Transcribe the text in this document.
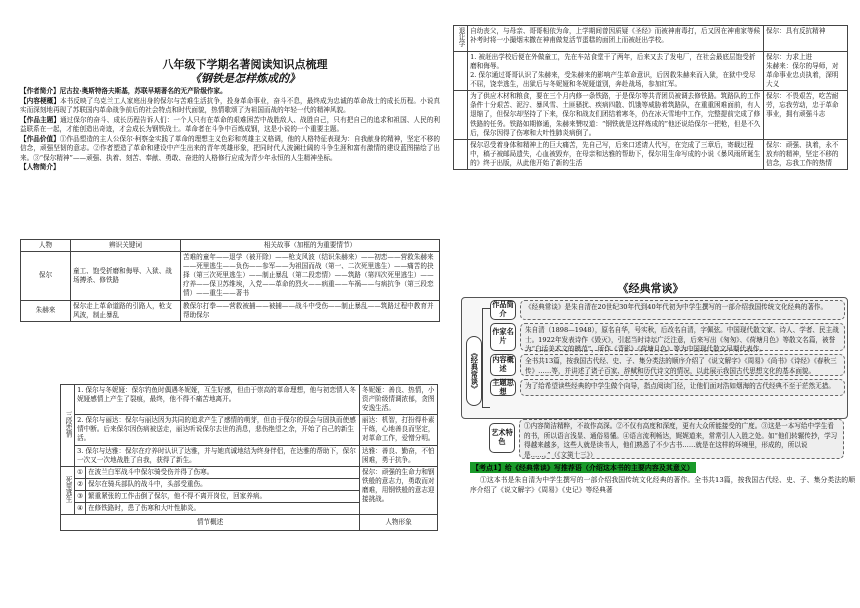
八年级下学期名著阅读知识点梳理
《钢铁是怎样炼成的》

【作者简介】尼古拉·奥斯特洛夫斯基，苏联早期著名的无产阶级作家。

【内容梗概】本书反映了乌克兰工人家庭出身的保尔与苦难生活抗争，投身革命事业，奋斗不息，最终成为忠诚的革命战士的成长历程。小说真实而深刻地再现了苏联国内革命战争前后的社会特点和时代面貌，热情歌颂了为祖国而战的年轻一代的精神风貌。

【作品主题】通过保尔的奋斗、成长历程告诉人们：一个人只有在革命的艰难困苦中战胜敌人、战胜自己，只有把自己的追求和祖国、人民的利益联系在一起，才能创造出奇迹，才会成长为钢铁战士。革命者在斗争中百炼成钢，这是小说的一个重要主题。

【作品价值】①作品塑造的主人公保尔·柯察金实践了革命的理想主义色彩和英雄主义格调，他的人格特征表现为：自我献身的精神，坚定不移的信念，顽强坚韧的意志。②作者塑造了革命和建设中产生出来的青年英雄形象，把同时代人波澜壮阔的斗争生涯和富有激情的建设蓝图描绘了出来。③“保尔精神”——顽强、执着、刻苦、奉献、勇敢、奋进的人格修行应成为青少年永恒的人生精神坐标。

【人物简介】

人物	辨识关键词	相关故事（加框的为重要情节）
保尔	童工、饱受折磨和侮辱、入狱、战场搏杀、修铁路	苦难的童年——退学（被开除）——枪支风波（结识朱赫来）——初恋——营救朱赫来——死里逃生——负伤——参军——为祖国而战（第一、二次死里逃生）——痛苦的抉择（第三次死里逃生）——制止暴乱（第二段恋情）——筑路（第四次死里逃生）——疗养——保卫苏维埃，入党——革命的烈火——病重——车祸——与病抗争（第三段恋情）——重生——著书
朱赫来	保尔走上革命道路的引路人，枪支风波，制止暴乱	教保尔打拳——营救被捕——被捕——战斗中受伤——制止暴乱——筑路过程中教育并帮助保尔
三段恋情	1. 保尔与冬妮娅：保尔钓鱼时偶遇冬妮娅，互生好感，但由于崇高的革命理想，他与初恋情人冬妮娅感情上产生了裂痕，最终，他不得不痛苦地离开。		冬妮娅：善良、热情，小资产阶级情调浓郁，贪图安逸生活。
	2. 保尔与丽达：保尔与丽达因为共同的追求产生了感情的萌芽，但由于保尔的误会与固执而使感情中断。后来保尔因伤病被送走，丽达听说保尔去世的消息，悲伤绝望之余，开始了自己的新生活。		丽达：机智，打扮得朴素干练，心地善良而坚定，对革命工作，爱憎分明。
	3. 保尔与达雅：保尔在疗养时认识了达雅，并与她真诚地结为终身伴侣，在达雅的帮助下，保尔一次又一次地战胜了自我，获得了新生。		达雅：善良、勤奋，不怕困难，勇于抗争。
死里逃生	①	在波兰白军战斗中保尔骑受伤并得了伤寒。	保尔：顽强的生命力和钢铁般的意志力，勇敢而对磨难，用钢铁般的意志迎接挑战。
	②	保尔在骑兵部队的战斗中，头部受重伤。	
	③	繁重紧张的工作击倒了保尔，他不得不离开岗位，回家养病。	
	④	在修铁路时，患了伤寒和大叶性肺炎。	
情节概述			人物形象
退让学	自幼丧父，与母亲、哥哥相依为命，上学期间曾因质疑《圣经》而被神甫毒打，后又因在神甫家等候补考时将一小撮烟末撒在神甫做复活节蛋糕的面团上而被赶出学校。	保尔：具有反抗精神
	1. 被赶出学校后便在外做童工，先在车站食堂干了两年，后来又去了发电厂，在社会最底层饱受折磨和侮辱。
2. 保尔通过哥哥认识了朱赫来，受朱赫来的影响产生革命意识，后因救朱赫来而入狱，在狱中受尽不屈，饶幸逃生，出狱后与冬妮娅和冬妮娅道别，奔赴战场，参加红军。	保尔：力求上进
朱赫来：保尔的导师，对革命事业忠贞执着，深明大义
	为了供应木材和粮食，要在三个月内修一条铁路，于是保尔等共青团员被调去修铁路。筑路队的工作条件十分艰苦、泥泞、暴风雪、土匪骚扰、疾病四散、饥饿等威胁着筑路队，在重重困难面前，有人退缩了，但保尔却坚持了下来，保尔和战友们团结着寒冬，仍在冰天雪地中工作，完整提前完成了修铁路的任务。铁路如期修通，朱赫来赞叹道：“钢铁就是这样炼成的”他还说给保尔一把枪，但是不久后，保尔因得了伤寒和大叶性肺炎病倒了。	保尔：不畏艰苦，吃苦耐劳，忘我劳动，忠于革命事业，拥有顽强斗志
	保尔忍受着身体和精神上的巨大痛苦，先自己写，后来口述请人代写，在完成了三章后，寄载过程中，稿子被邮局遗失，心血被毁弃，在母亲和达雅的帮助下，保尔用生命写成的小说《暴风雨所诞生的》终于出版，从此他开始了新的生活	保尔：顽强、执着，永不放弃的精神，坚定不移的信念，忘我工作的热情
《经典常谈》
《经典常谈》
作品简介
《经典常谈》是朱自清在20世纪30年代到40年代初为中学生撰写的一部介绍我国传统文化经典的著作。
作家名片
朱自清（1898—1948），原名自华，号实秋，后改名自清，字佩弦。中国现代散文家、诗人、学者、民主战士。1922年发表诗作《毁灭》，引起当时诗坛广泛注意，后来写出《匆匆》、《荷塘月色》等散文名篇，被誉为“白话美术文的模范”，所作《背影》《荷塘月色》等为中国现代散文早期代表作。
内容概述
全书共13篇，按我国古代经、史、子、集分类法的顺序介绍了《说文解字》《周易》《尚书》《诗经》《春秋三传》……等，并讲述了诸子百家、辞赋和历代诗文的情况，以此展示我国古代思想文化的基本面貌。
主题思想
为了给希望读些经典的中学生做个向导，指点阅读门径，让他们面对浩如烟海的古代经典不至于茫然无措。
艺术特色
①内容简洁精粹，不故作高深。②不仅有高度和深度，更有大众所能接受的广度。③这是一本写给中学生看的书，所以语言浅显、通俗易懂。④语言流利畅达，娓娓道来，常常引人入胜之处。如“他们转辗传抄，学习得越来越多，这些人就是读书人，他们熟悉了不少古书……就是在这样的环境里，形成的，所以说是……。”（《文第十三》）
【考点1】给《经典常谈》写推荐语（介绍这本书的主要内容及其意义）

①这本书是朱自清为中学生撰写的一部介绍我国传统文化经典的著作。全书共13篇，按我国古代经、史、子、集分类法的顺序介绍了《说文解字》《周易》《史记》等经典著
